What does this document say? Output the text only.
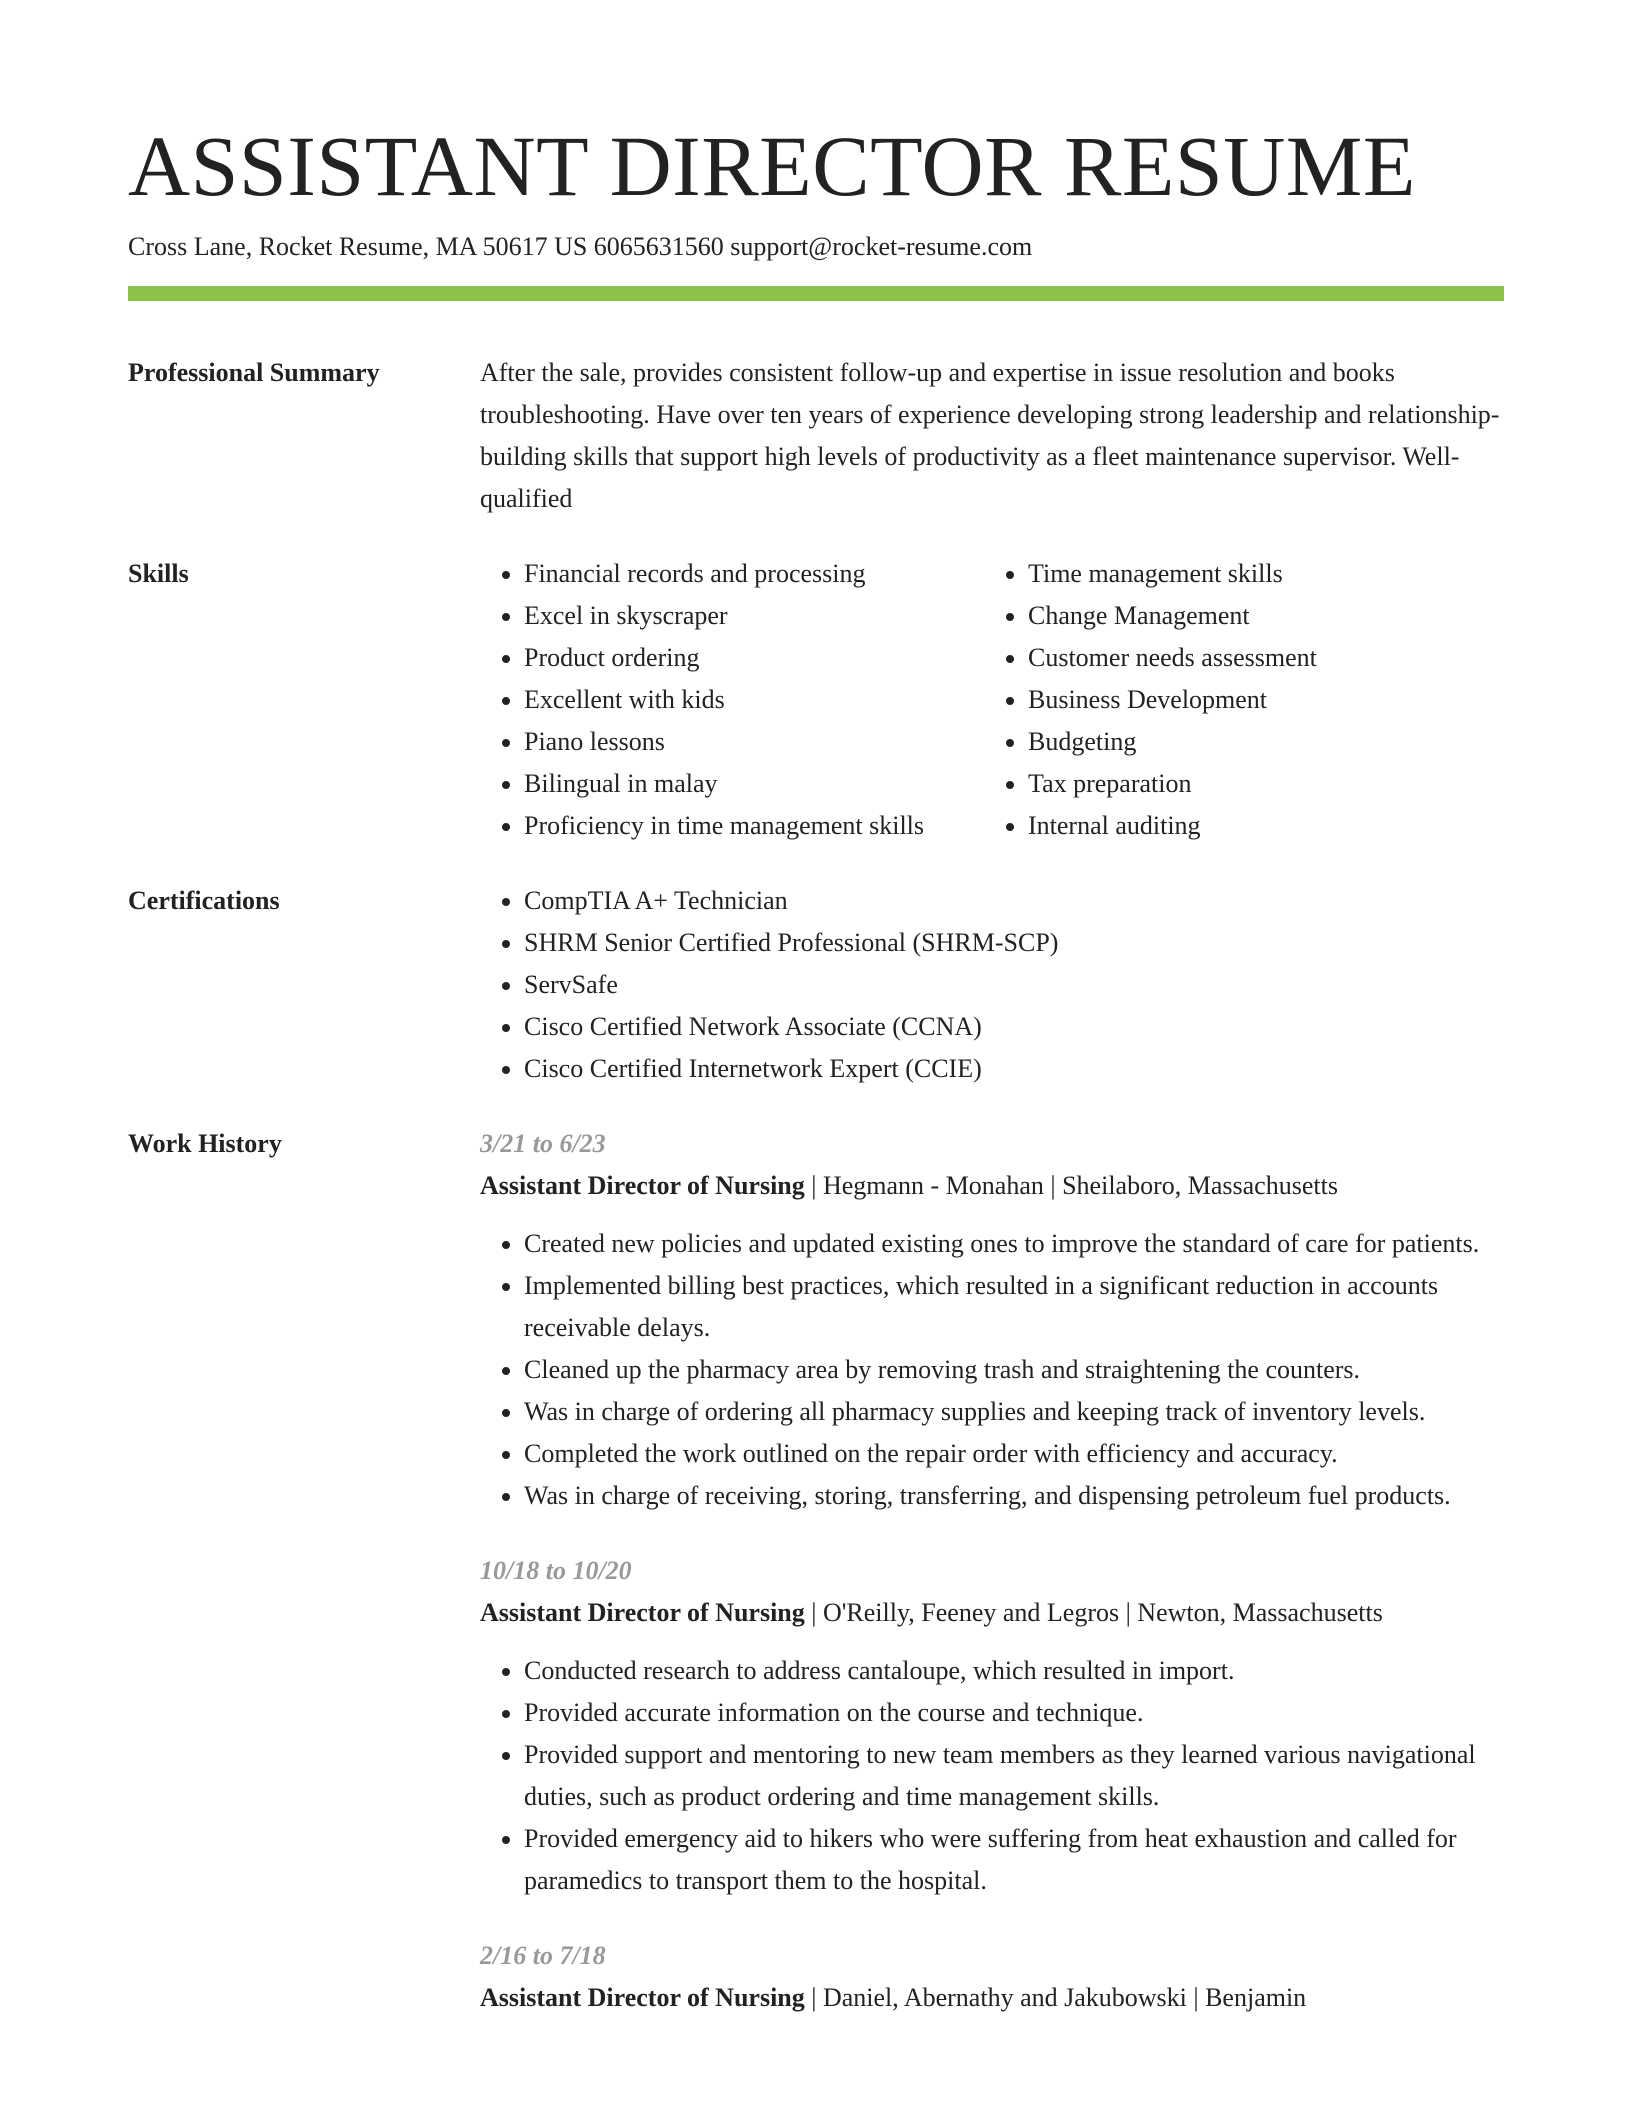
ASSISTANT DIRECTOR RESUME
Cross Lane, Rocket Resume, MA 50617 US 6065631560 support@rocket-resume.com
Professional Summary	After the sale, provides consistent follow-up and expertise in issue resolution and books troubleshooting. Have over ten years of experience developing strong leadership and relationship-building skills that support high levels of productivity as a fleet maintenance supervisor. Well-qualified
Skills	• Financial records and processing
• Excel in skyscraper
• Product ordering
• Excellent with kids
• Piano lessons
• Bilingual in malay
• Proficiency in time management skills
• Time management skills
• Change Management
• Customer needs assessment
• Business Development
• Budgeting
• Tax preparation
• Internal auditing
Certifications	• CompTIA A+ Technician
• SHRM Senior Certified Professional (SHRM-SCP)
• ServSafe
• Cisco Certified Network Associate (CCNA)
• Cisco Certified Internetwork Expert (CCIE)
Work History	3/21 to 6/23
Assistant Director of Nursing | Hegmann - Monahan | Sheilaboro, Massachusetts
• Created new policies and updated existing ones to improve the standard of care for patients.
• Implemented billing best practices, which resulted in a significant reduction in accounts receivable delays.
• Cleaned up the pharmacy area by removing trash and straightening the counters.
• Was in charge of ordering all pharmacy supplies and keeping track of inventory levels.
• Completed the work outlined on the repair order with efficiency and accuracy.
• Was in charge of receiving, storing, transferring, and dispensing petroleum fuel products.
10/18 to 10/20
Assistant Director of Nursing | O'Reilly, Feeney and Legros | Newton, Massachusetts
• Conducted research to address cantaloupe, which resulted in import.
• Provided accurate information on the course and technique.
• Provided support and mentoring to new team members as they learned various navigational duties, such as product ordering and time management skills.
• Provided emergency aid to hikers who were suffering from heat exhaustion and called for paramedics to transport them to the hospital.
2/16 to 7/18
Assistant Director of Nursing | Daniel, Abernathy and Jakubowski | Benjamin
